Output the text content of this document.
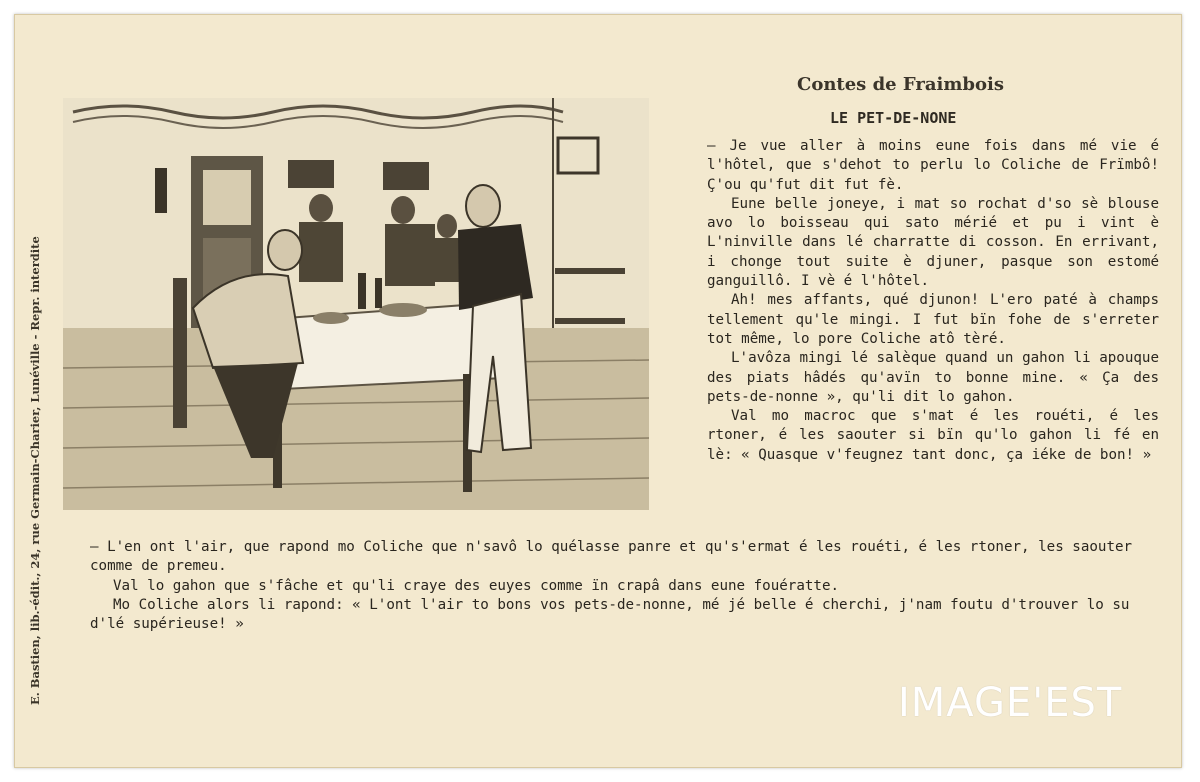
E. Bastien, lib.-édit., 24, rue Germain-Charier, Lunéville - Repr. interdite
Contes de Fraimbois
LE PET-DE-NONE

— Je vue aller à moins eune fois dans mé vie é l'hôtel, que s'dehot to perlu lo Coliche de Frïmbô! Ç'ou qu'fut dit fut fè.

Eune belle joneye, i mat so rochat d'so sè blouse avo lo boisseau qui sato mérié et pu i vint è L'ninville dans lé charratte di cosson. En errivant, i chonge tout suite è djuner, pasque son estomé ganguillô. I vè é l'hôtel.

Ah! mes affants, qué djunon! L'ero paté à champs tellement qu'le mingi. I fut bïn fohe de s'erreter tot même, lo pore Coliche atô tèré.

L'avôza mingi lé salèque quand un gahon li apouque des piats hâdés qu'avïn to bonne mine. « Ça des pets-de-nonne », qu'li dit lo gahon.

Val mo macroc que s'mat é les rouéti, é les rtoner, é les saouter si bïn qu'lo gahon li fé en lè: « Quasque v'feugnez tant donc, ça iéke de bon! »

— L'en ont l'air, que rapond mo Coliche que n'savô lo quélasse panre et qu's'ermat é les rouéti, é les rtoner, les saouter comme de premeu.

Val lo gahon que s'fâche et qu'li craye des euyes comme ïn crapâ dans eune fouératte.

Mo Coliche alors li rapond: « L'ont l'air to bons vos pets-de-nonne, mé jé belle é cherchi, j'nam foutu d'trouver lo su d'lé supérieuse! »

IMAGE'EST
